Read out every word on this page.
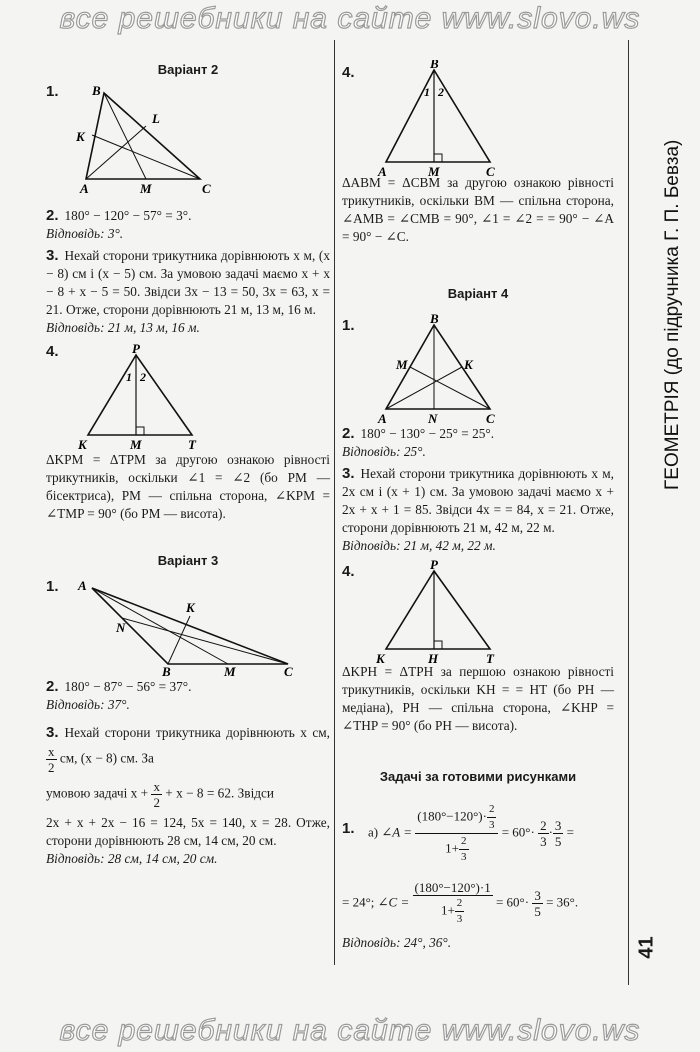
все решебники на сайте www.slovo.ws
все решебники на сайте www.slovo.ws
ГЕОМЕТРІЯ (до підручника Г. П. Бевза)
41
Варіант 2
1.	B
K
L
A	M	C

2. 180° − 120° − 57° = 3°.

Відповідь: 3°.

3. Нехай сторони трикутника дорівнюють x м, (x − 8) см і (x − 5) см. За умовою задачі маємо x + x − 8 + x − 5 = 50. Звідси 3x − 13 = 50, 3x = 63, x = 21. Отже, сторони дорівнюють 21 м, 13 м, 16 м.

Відповідь: 21 м, 13 м, 16 м.

4.	P
1 2
K	M	T

ΔKPM = ΔTPM за другою ознакою рівності трикутників, оскільки ∠1 = ∠2 (бо PM — бісектриса), PM — спільна сторона, ∠KPM = ∠TMP = 90° (бо PM — висота).

Варіант 3
1. A
K
N
B	M	C

2. 180° − 87° − 56° = 37°.

Відповідь: 37°.

3. Нехай сторони трикутника дорівнюють x см,
$\frac{x}{2}$ см, (x − 8) см. За

умовою задачі $x + \frac{x}{2} + x - 8 = 62$. Звідси

2x + x + 2x − 16 = 124, 5x = 140, x = 28. Отже, сторони дорівнюють 28 см, 14 см, 20 см.

Відповідь: 28 см, 14 см, 20 см.

4.
B
1 2
A	M	C

ΔABM = ΔCBM за другою ознакою рівності трикутників, оскільки BM — спільна сторона, ∠AMB = ∠CMB = 90°, ∠1 = ∠2 = = 90° − ∠A = 90° − ∠C.

Варіант 4
1.	B
M	K
A	N	C

2. 180° − 130° − 25° = 25°.

Відповідь: 25°.

3. Нехай сторони трикутника дорівнюють x м, 2x см і (x + 1) см. За умовою задачі маємо x + 2x + x + 1 = 85. Звідси 4x = = 84, x = 21. Отже, сторони дорівнюють 21 м, 42 м, 22 м.

Відповідь: 21 м, 42 м, 22 м.

4.	P
K	H	T

ΔKPH = ΔTPH за першою ознакою рівності трикутників, оскільки KH = = HT (бо PH — медіана), PH — спільна сторона, ∠KHP = ∠THP = 90° (бо PH — висота).

Задачі за готовими рисунками
1. а) ∠A = $\frac{(180^\circ-120^\circ)\cdot \frac{2}{3}}{1+ \frac{2}{3}} = 60^\circ\cdot \frac{2}{3} \cdot \frac{3}{5}$ =
= 24°; ∠C = $\frac{(180^\circ-120^\circ)\cdot 1}{1+ \frac{2}{3}} = 60^\circ\cdot \frac{3}{5} = 36^\circ$.

Відповідь: 24°, 36°.
